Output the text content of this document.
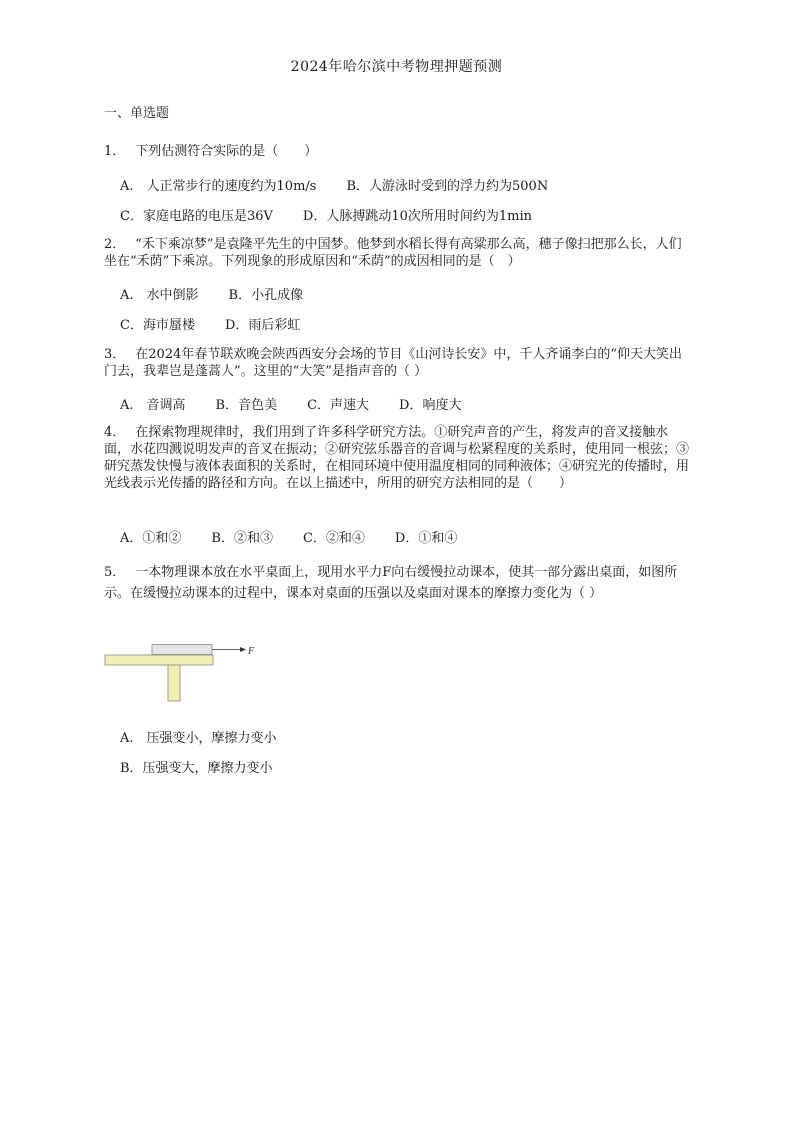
2024年哈尔滨中考物理押题预测
一、单选题
1． 下列估测符合实际的是（　　）
A.　人正常步行的速度约为10m/s B．人游泳时受到的浮力约为500N
C．家庭电路的电压是36V D．人脉搏跳动10次所用时间约为1min
2． “禾下乘凉梦”是袁隆平先生的中国梦。他梦到水稻长得有高粱那么高，穗子像扫把那么长，人们坐在“禾荫”下乘凉。下列现象的形成原因和“禾荫”的成因相同的是（　）
A.　水中倒影 B．小孔成像
C．海市蜃楼 D．雨后彩虹
3． 在2024年春节联欢晚会陕西西安分会场的节目《山河诗长安》中，千人齐诵李白的“仰天大笑出门去，我辈岂是蓬蒿人”。这里的“大笑”是指声音的（ ）
A.　音调高 B．音色美 C．声速大 D．响度大
4． 在探索物理规律时，我们用到了许多科学研究方法。①研究声音的产生，将发声的音叉接触水面，水花四溅说明发声的音叉在振动；②研究弦乐器音的音调与松紧程度的关系时，使用同一根弦；③研究蒸发快慢与液体表面积的关系时，在相同环境中使用温度相同的同种液体；④研究光的传播时，用光线表示光传播的路径和方向。在以上描述中，所用的研究方法相同的是（　　）
A．①和② B．②和③ C．②和④ D．①和④
5． 一本物理课本放在水平桌面上，现用水平力F向右缓慢拉动课本，使其一部分露出桌面，如图所示。在缓慢拉动课本的过程中，课本对桌面的压强以及桌面对课本的摩擦力变化为（ ）
F
A.　压强变小，摩擦力变小
B．压强变大，摩擦力变小
